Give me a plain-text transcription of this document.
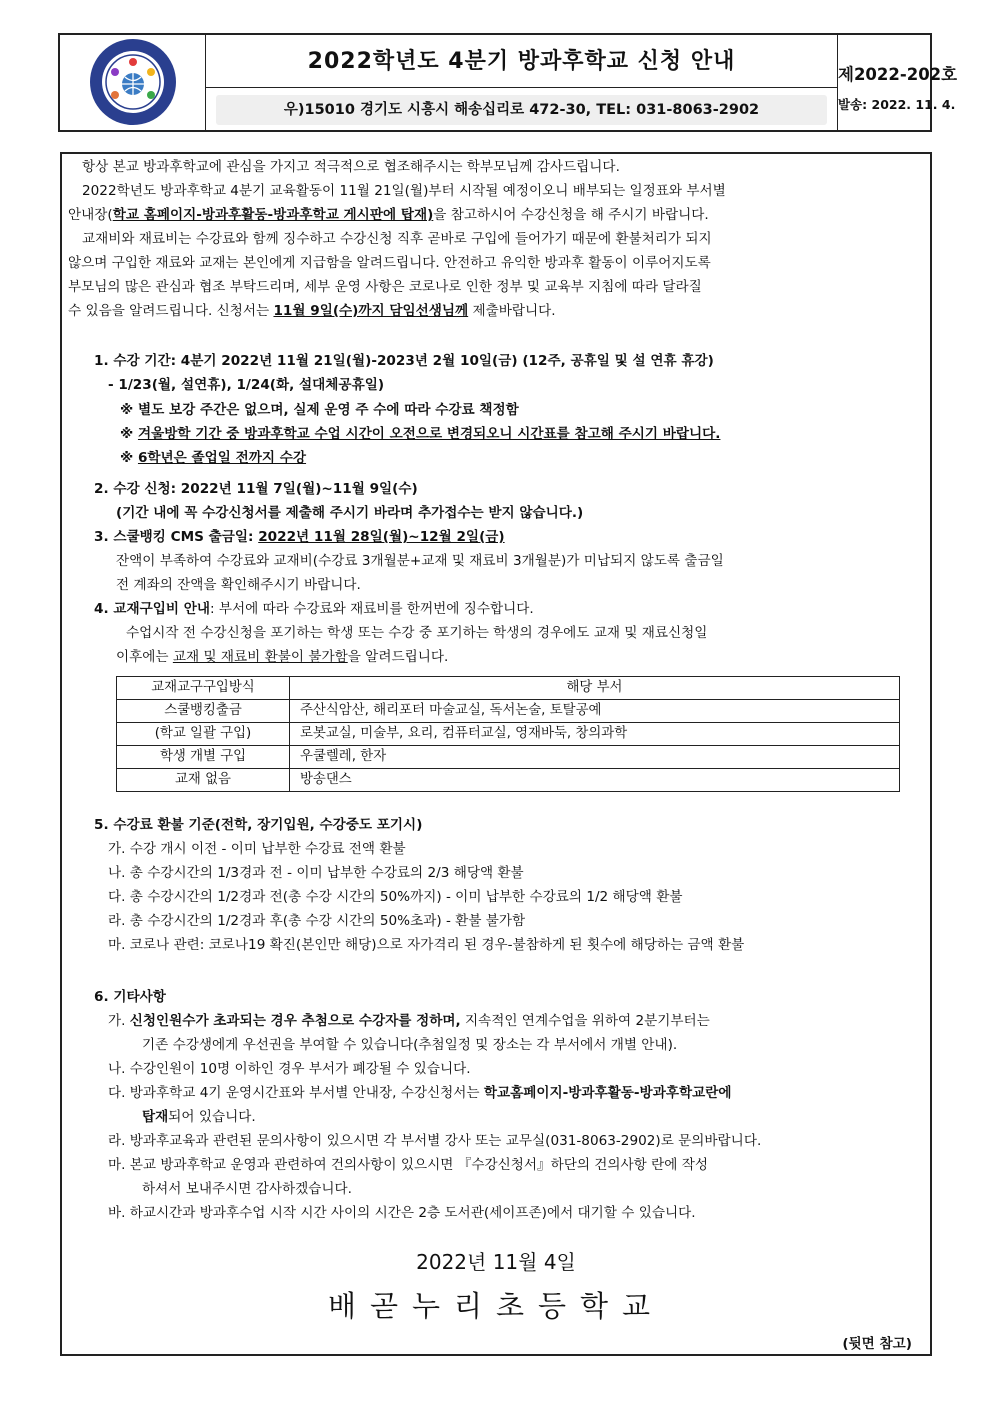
2022학년도 4분기 방과후학교 신청 안내
우)15010 경기도 시흥시 해송십리로 472-30, TEL: 031-8063-2902
제2022-202호
발송: 2022. 11. 4.
항상 본교 방과후학교에 관심을 가지고 적극적으로 협조해주시는 학부모님께 감사드립니다.
2022학년도 방과후학교 4분기 교육활동이 11월 21일(월)부터 시작될 예정이오니 배부되는 일정표와 부서별
안내장(학교 홈페이지-방과후활동-방과후학교 게시판에 탑재)을 참고하시어 수강신청을 해 주시기 바랍니다.
교재비와 재료비는 수강료와 함께 징수하고 수강신청 직후 곧바로 구입에 들어가기 때문에 환불처리가 되지
않으며 구입한 재료와 교재는 본인에게 지급함을 알려드립니다. 안전하고 유익한 방과후 활동이 이루어지도록
부모님의 많은 관심과 협조 부탁드리며, 세부 운영 사항은 코로나로 인한 정부 및 교육부 지침에 따라 달라질
수 있음을 알려드립니다. 신청서는 11월 9일(수)까지 담임선생님께 제출바랍니다.
1. 수강 기간: 4분기 2022년 11월 21일(월)-2023년 2월 10일(금) (12주, 공휴일 및 설 연휴 휴강)
- 1/23(월, 설연휴), 1/24(화, 설대체공휴일)
※ 별도 보강 주간은 없으며, 실제 운영 주 수에 따라 수강료 책정함
※ 겨울방학 기간 중 방과후학교 수업 시간이 오전으로 변경되오니 시간표를 참고해 주시기 바랍니다.
※ 6학년은 졸업일 전까지 수강
2. 수강 신청: 2022년 11월 7일(월)~11월 9일(수)
(기간 내에 꼭 수강신청서를 제출해 주시기 바라며 추가접수는 받지 않습니다.)
3. 스쿨뱅킹 CMS 출금일: 2022년 11월 28일(월)~12월 2일(금)
잔액이 부족하여 수강료와 교재비(수강료 3개월분+교재 및 재료비 3개월분)가 미납되지 않도록 출금일
전 계좌의 잔액을 확인해주시기 바랍니다.
4. 교재구입비 안내: 부서에 따라 수강료와 재료비를 한꺼번에 징수합니다.
수업시작 전 수강신청을 포기하는 학생 또는 수강 중 포기하는 학생의 경우에도 교재 및 재료신청일
이후에는 교재 및 재료비 환불이 불가함을 알려드립니다.
교재교구구입방식	해당 부서
스쿨뱅킹출금	주산식암산, 해리포터 마술교실, 독서논술, 토탈공예
(학교 일괄 구입)	로봇교실, 미술부, 요리, 컴퓨터교실, 영재바둑, 창의과학
학생 개별 구입	우쿨렐레, 한자
교재 없음	방송댄스
5. 수강료 환불 기준(전학, 장기입원, 수강중도 포기시)
가. 수강 개시 이전 - 이미 납부한 수강료 전액 환불
나. 총 수강시간의 1/3경과 전 - 이미 납부한 수강료의 2/3 해당액 환불
다. 총 수강시간의 1/2경과 전(총 수강 시간의 50%까지) - 이미 납부한 수강료의 1/2 해당액 환불
라. 총 수강시간의 1/2경과 후(총 수강 시간의 50%초과) - 환불 불가함
마. 코로나 관련: 코로나19 확진(본인만 해당)으로 자가격리 된 경우-불참하게 된 횟수에 해당하는 금액 환불
6. 기타사항
가. 신청인원수가 초과되는 경우 추첨으로 수강자를 정하며, 지속적인 연계수업을 위하여 2분기부터는
기존 수강생에게 우선권을 부여할 수 있습니다(추첨일정 및 장소는 각 부서에서 개별 안내).
나. 수강인원이 10명 이하인 경우 부서가 폐강될 수 있습니다.
다. 방과후학교 4기 운영시간표와 부서별 안내장, 수강신청서는 학교홈페이지-방과후활동-방과후학교란에
탑재되어 있습니다.
라. 방과후교육과 관련된 문의사항이 있으시면 각 부서별 강사 또는 교무실(031-8063-2902)로 문의바랍니다.
마. 본교 방과후학교 운영과 관련하여 건의사항이 있으시면 『수강신청서』하단의 건의사항 란에 작성
하셔서 보내주시면 감사하겠습니다.
바. 하교시간과 방과후수업 시작 시간 사이의 시간은 2층 도서관(세이프존)에서 대기할 수 있습니다.
2022년 11월 4일
배곧누리초등학교
(뒷면 참고)
